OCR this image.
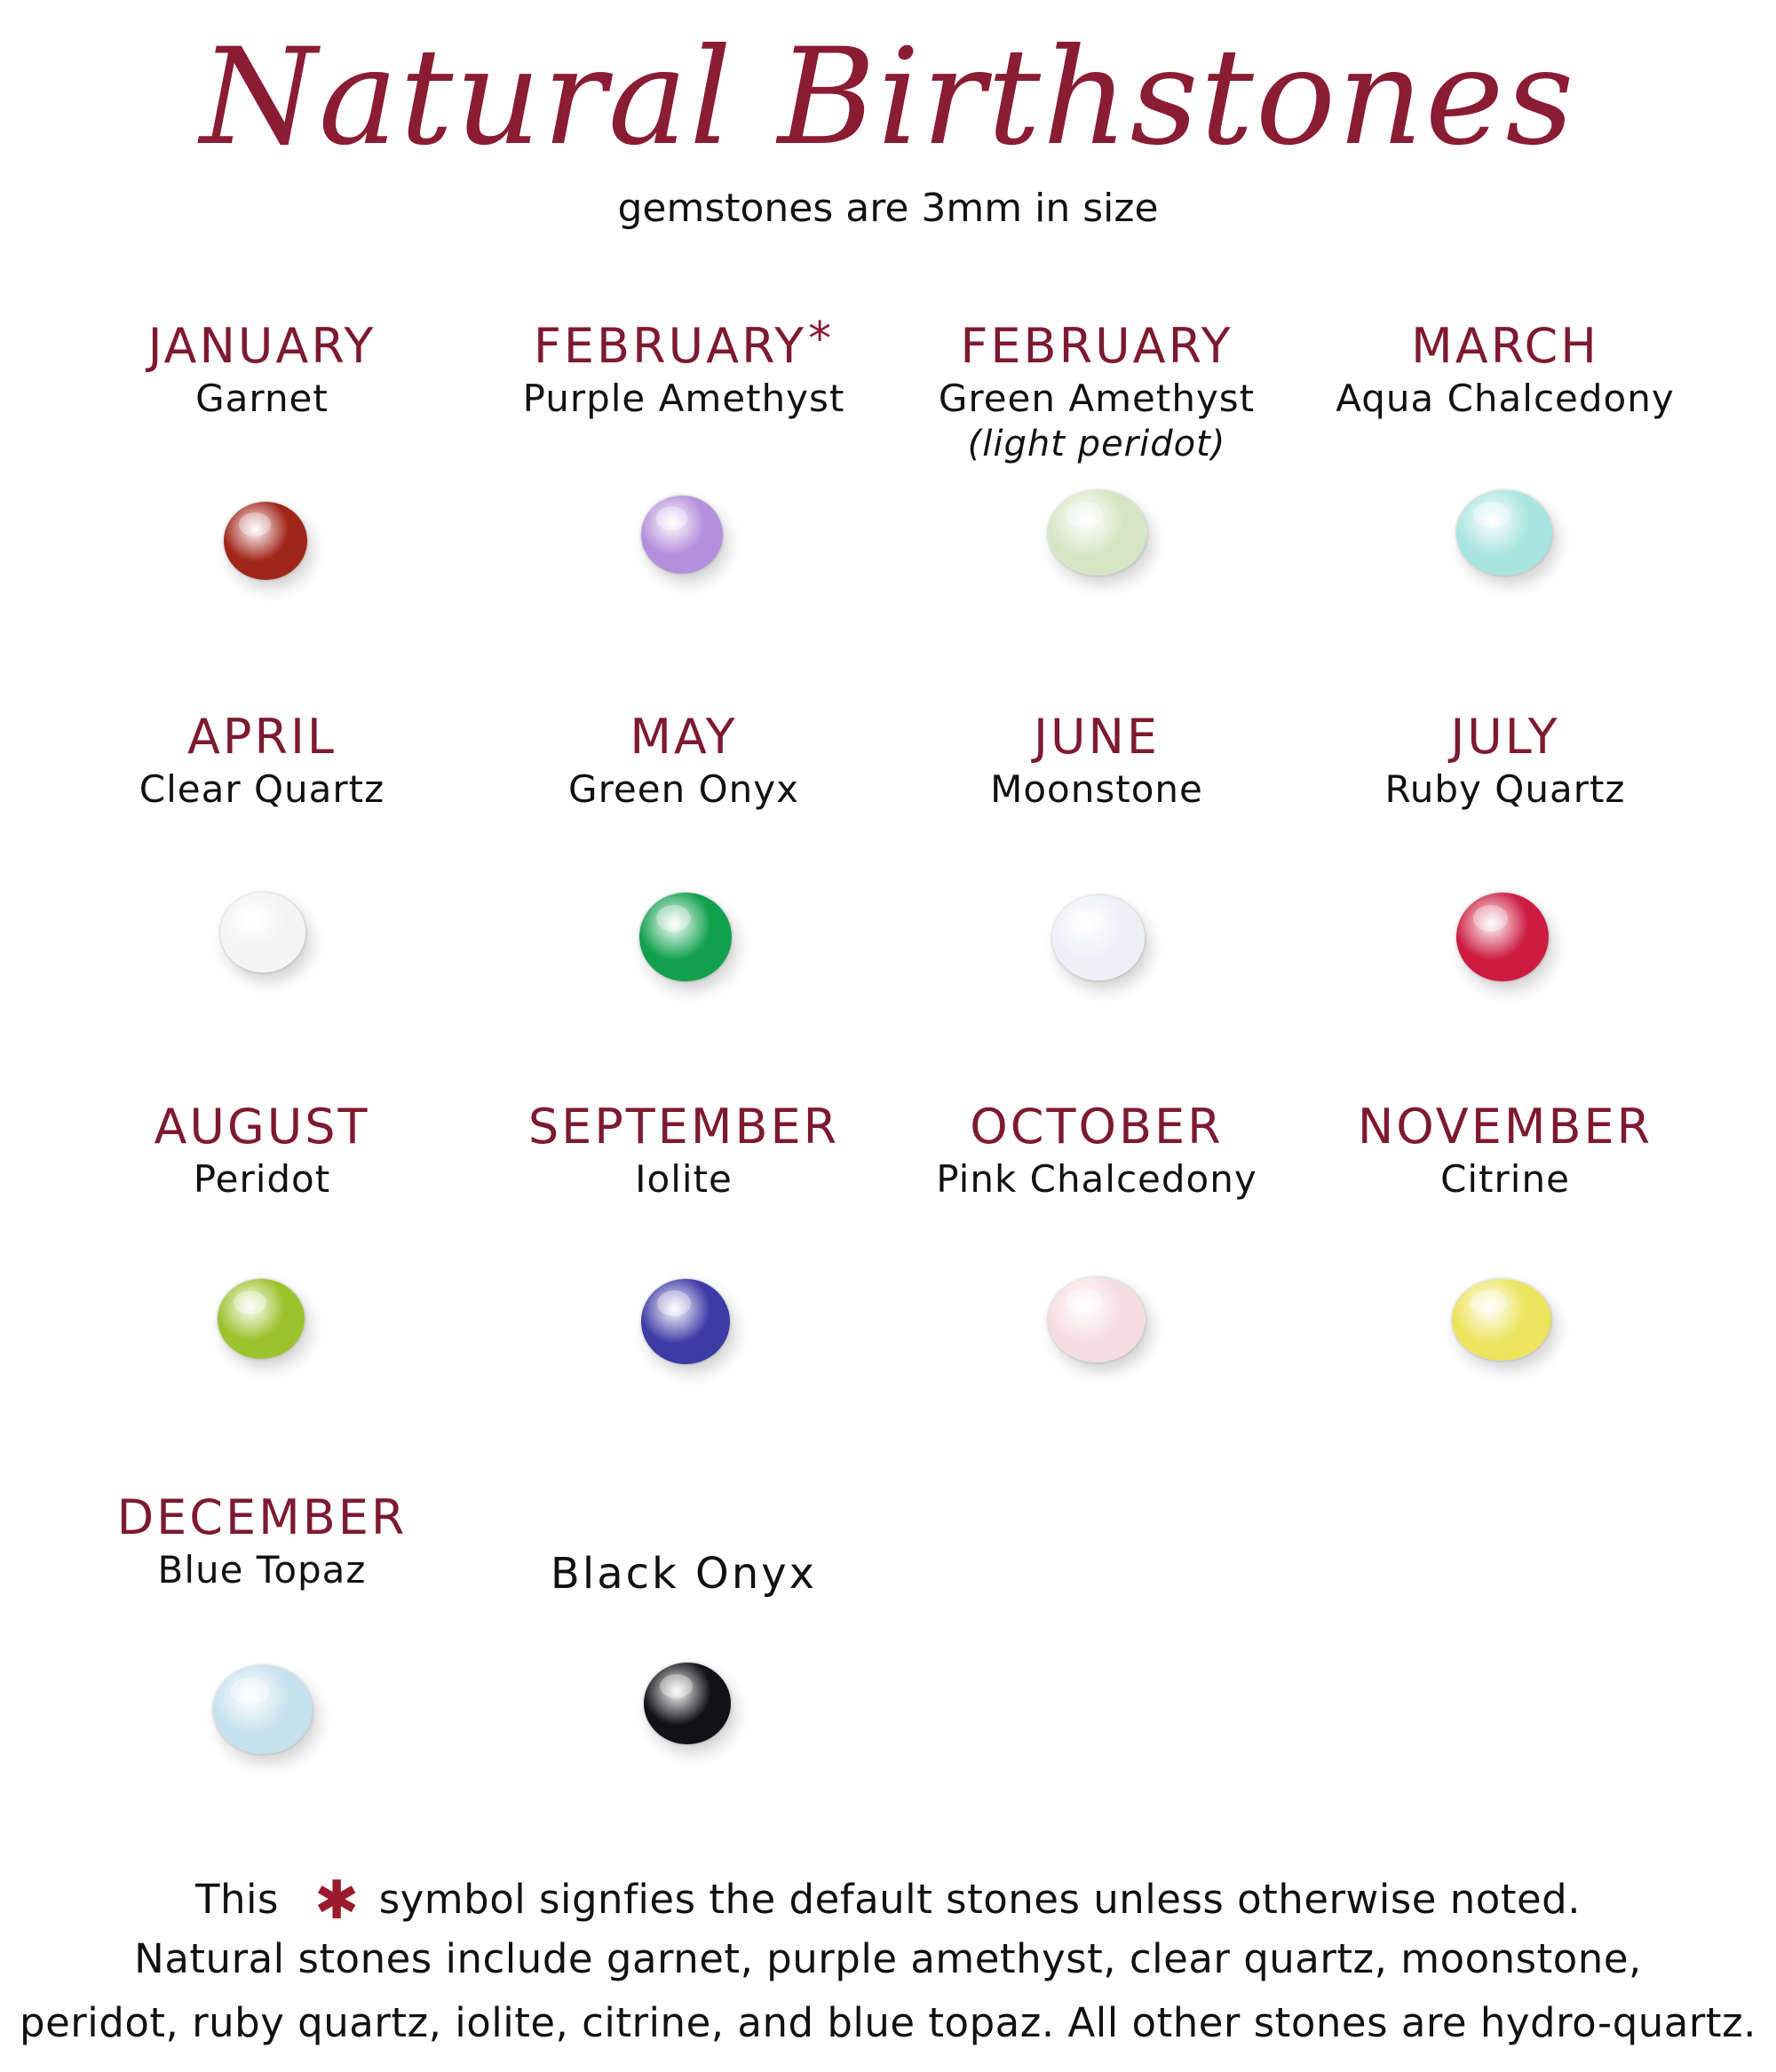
Natural Birthstones
gemstones are 3mm in size
JANUARY
Garnet
FEBRUARY*
Purple Amethyst
FEBRUARY
Green Amethyst
(light peridot)
MARCH
Aqua Chalcedony
APRIL
Clear Quartz
MAY
Green Onyx
JUNE
Moonstone
JULY
Ruby Quartz
AUGUST
Peridot
SEPTEMBER
Iolite
OCTOBER
Pink Chalcedony
NOVEMBER
Citrine
DECEMBER
Blue Topaz	Black Onyx
This ✱ symbol signfies the default stones unless otherwise noted.
Natural stones include garnet, purple amethyst, clear quartz, moonstone,
peridot, ruby quartz, iolite, citrine, and blue topaz. All other stones are hydro-quartz.
